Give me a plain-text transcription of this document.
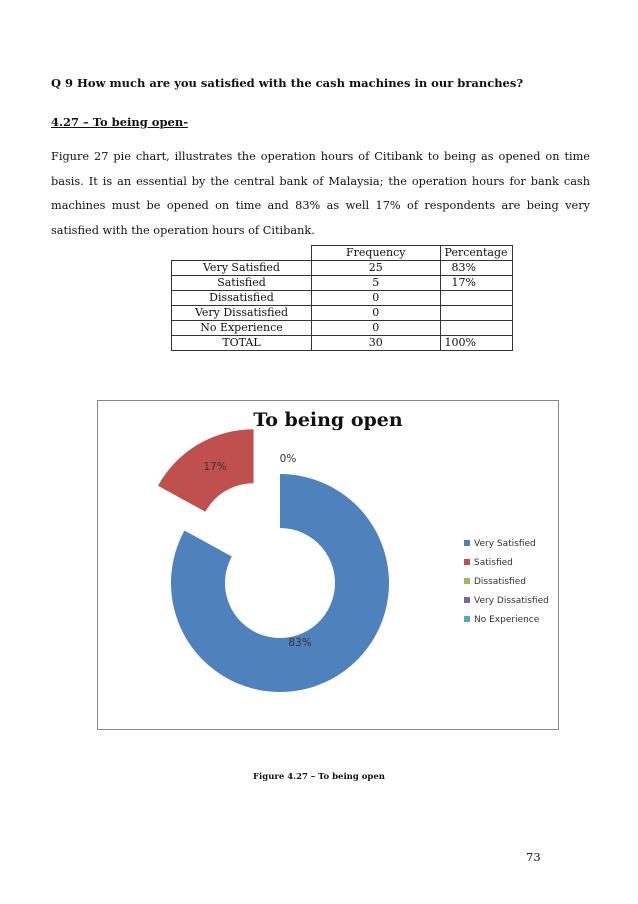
Q 9 How much are you satisfied with the cash machines in our branches?
4.27 – To being open-
Figure 27 pie chart, illustrates the operation hours of Citibank to being as opened on time basis. It is an essential by the central bank of Malaysia; the operation hours for bank cash machines must be opened on time and 83% as well 17% of respondents are being very satisfied with the operation hours of Citibank.
	Frequency	Percentage
Very Satisfied	25	83%
Satisfied	5	17%
Dissatisfied	0	
Very Dissatisfied	0	
No Experience	0	
TOTAL	30	100%
To being open
83%
17%
0%
Very Satisfied
Satisfied
Dissatisfied
Very Dissatisfied
No Experience
Figure 4.27 – To being open
73
